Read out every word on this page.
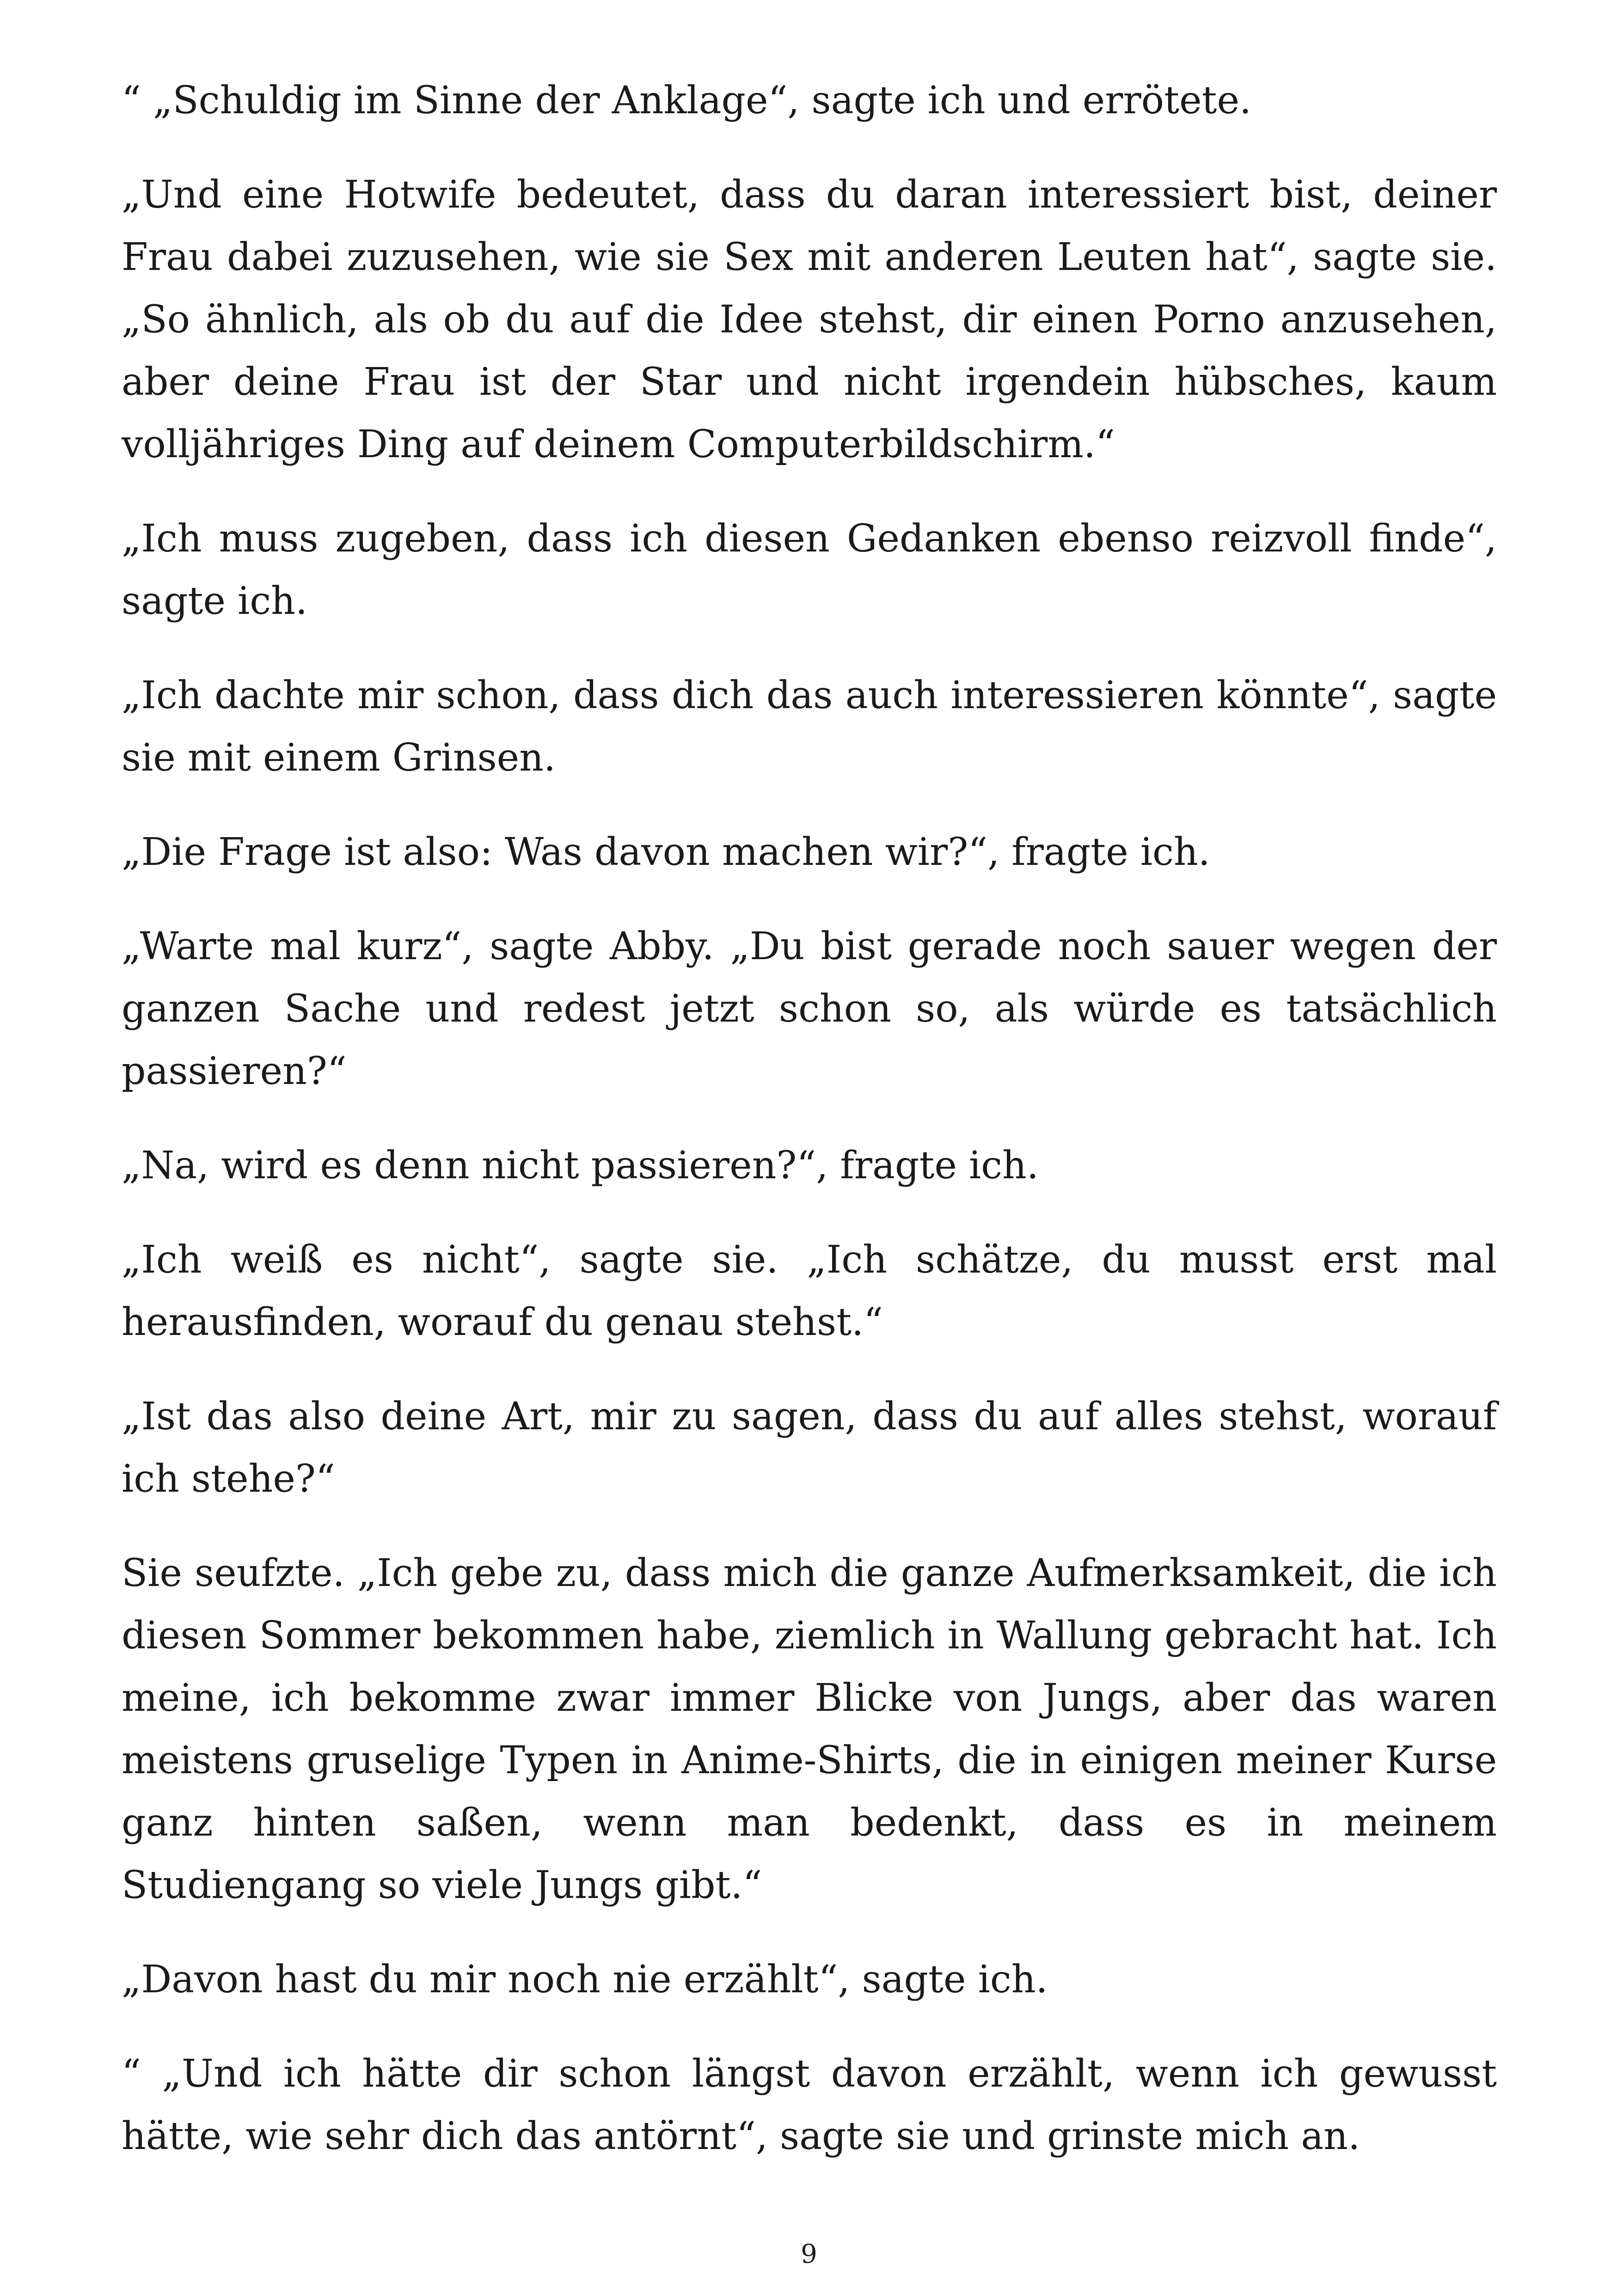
“ „Schuldig im Sinne der Anklage“, sagte ich und errötete.

„Und eine Hotwife bedeutet, dass du daran interessiert bist, deiner Frau dabei zuzusehen, wie sie Sex mit anderen Leuten hat“, sagte sie. „So ähnlich, als ob du auf die Idee stehst, dir einen Porno anzusehen, aber deine Frau ist der Star und nicht irgendein hübsches, kaum volljähriges Ding auf deinem Computerbildschirm.“

„Ich muss zugeben, dass ich diesen Gedanken ebenso reizvoll finde“, sagte ich.

„Ich dachte mir schon, dass dich das auch interessieren könnte“, sagte sie mit einem Grinsen.

„Die Frage ist also: Was davon machen wir?“, fragte ich.

„Warte mal kurz“, sagte Abby. „Du bist gerade noch sauer wegen der ganzen Sache und redest jetzt schon so, als würde es tatsächlich passieren?“

„Na, wird es denn nicht passieren?“, fragte ich.

„Ich weiß es nicht“, sagte sie. „Ich schätze, du musst erst mal herausfinden, worauf du genau stehst.“

„Ist das also deine Art, mir zu sagen, dass du auf alles stehst, worauf ich stehe?“

Sie seufzte. „Ich gebe zu, dass mich die ganze Aufmerksamkeit, die ich diesen Sommer bekommen habe, ziemlich in Wallung gebracht hat. Ich meine, ich bekomme zwar immer Blicke von Jungs, aber das waren meistens gruselige Typen in Anime-Shirts, die in einigen meiner Kurse ganz hinten saßen, wenn man bedenkt, dass es in meinem Studiengang so viele Jungs gibt.“

„Davon hast du mir noch nie erzählt“, sagte ich.

“ „Und ich hätte dir schon längst davon erzählt, wenn ich gewusst hätte, wie sehr dich das antörnt“, sagte sie und grinste mich an.

9
